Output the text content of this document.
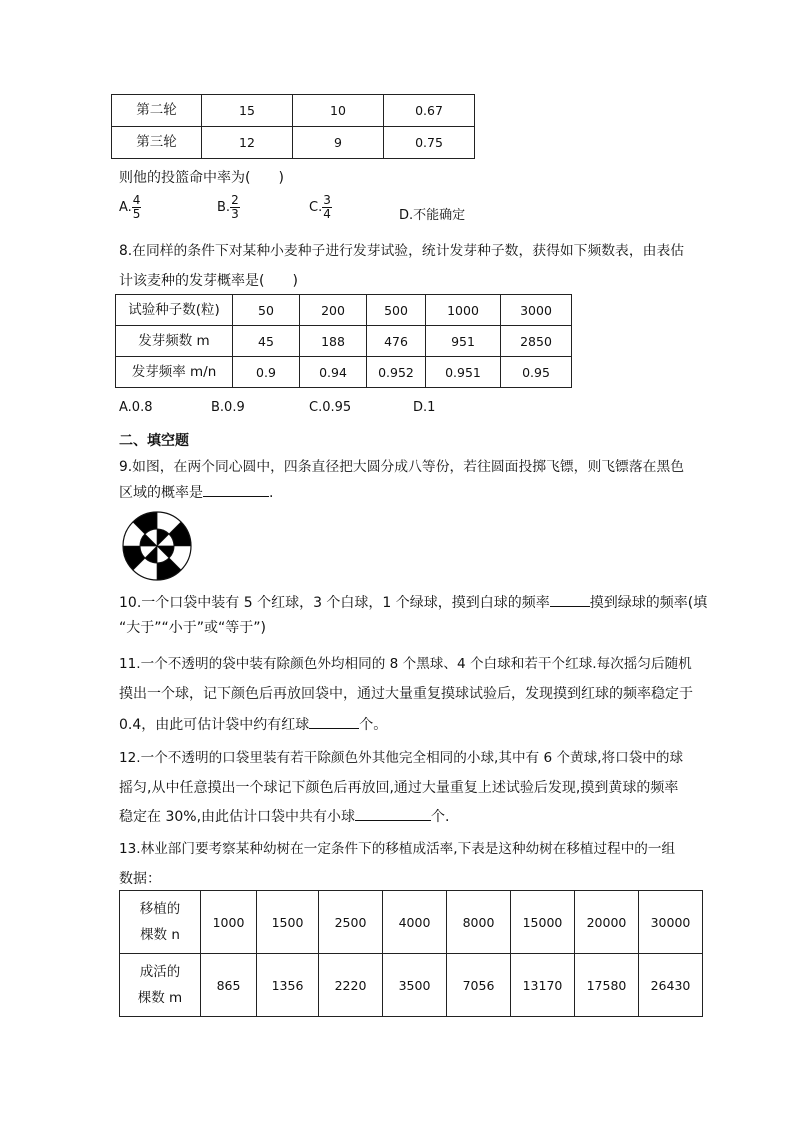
第二轮	15	10	0.67
第三轮	12	9	0.75
则他的投篮命中率为(　　)
A. $\frac{4}{5}$	B. $\frac{2}{3}$	C. $\frac{3}{4}$	D.不能确定
8.在同样的条件下对某种小麦种子进行发芽试验，统计发芽种子数，获得如下频数表，由表估
计该麦种的发芽概率是(　　)
试验种子数(粒)	50	200	500	1000	3000
发芽频数 m	45	188	476	951	2850
发芽频率 m/n	0.9	0.94	0.952	0.951	0.95
A.0.8	B.0.9	C.0.95	D.1
二、填空题
9.如图，在两个同心圆中，四条直径把大圆分成八等份，若往圆面投掷飞镖，则飞镖落在黑色
区域的概率是	.
10.一个口袋中装有 5 个红球，3 个白球，1 个绿球，摸到白球的频率	摸到绿球的频率(填
“大于”“小于”或“等于”)
11.一个不透明的袋中装有除颜色外均相同的 8 个黑球、4 个白球和若干个红球.每次摇匀后随机
摸出一个球，记下颜色后再放回袋中，通过大量重复摸球试验后，发现摸到红球的频率稳定于
0.4，由此可估计袋中约有红球	个。
12.一个不透明的口袋里装有若干除颜色外其他完全相同的小球,其中有 6 个黄球,将口袋中的球
摇匀,从中任意摸出一个球记下颜色后再放回,通过大量重复上述试验后发现,摸到黄球的频率
稳定在 30%,由此估计口袋中共有小球	个.
13.林业部门要考察某种幼树在一定条件下的移植成活率,下表是这种幼树在移植过程中的一组
数据：
移植的
棵数 n	1000	1500	2500	4000	8000	15000	20000	30000

成活的
棵数 m	865	1356	2220	3500	7056	13170	17580	26430
